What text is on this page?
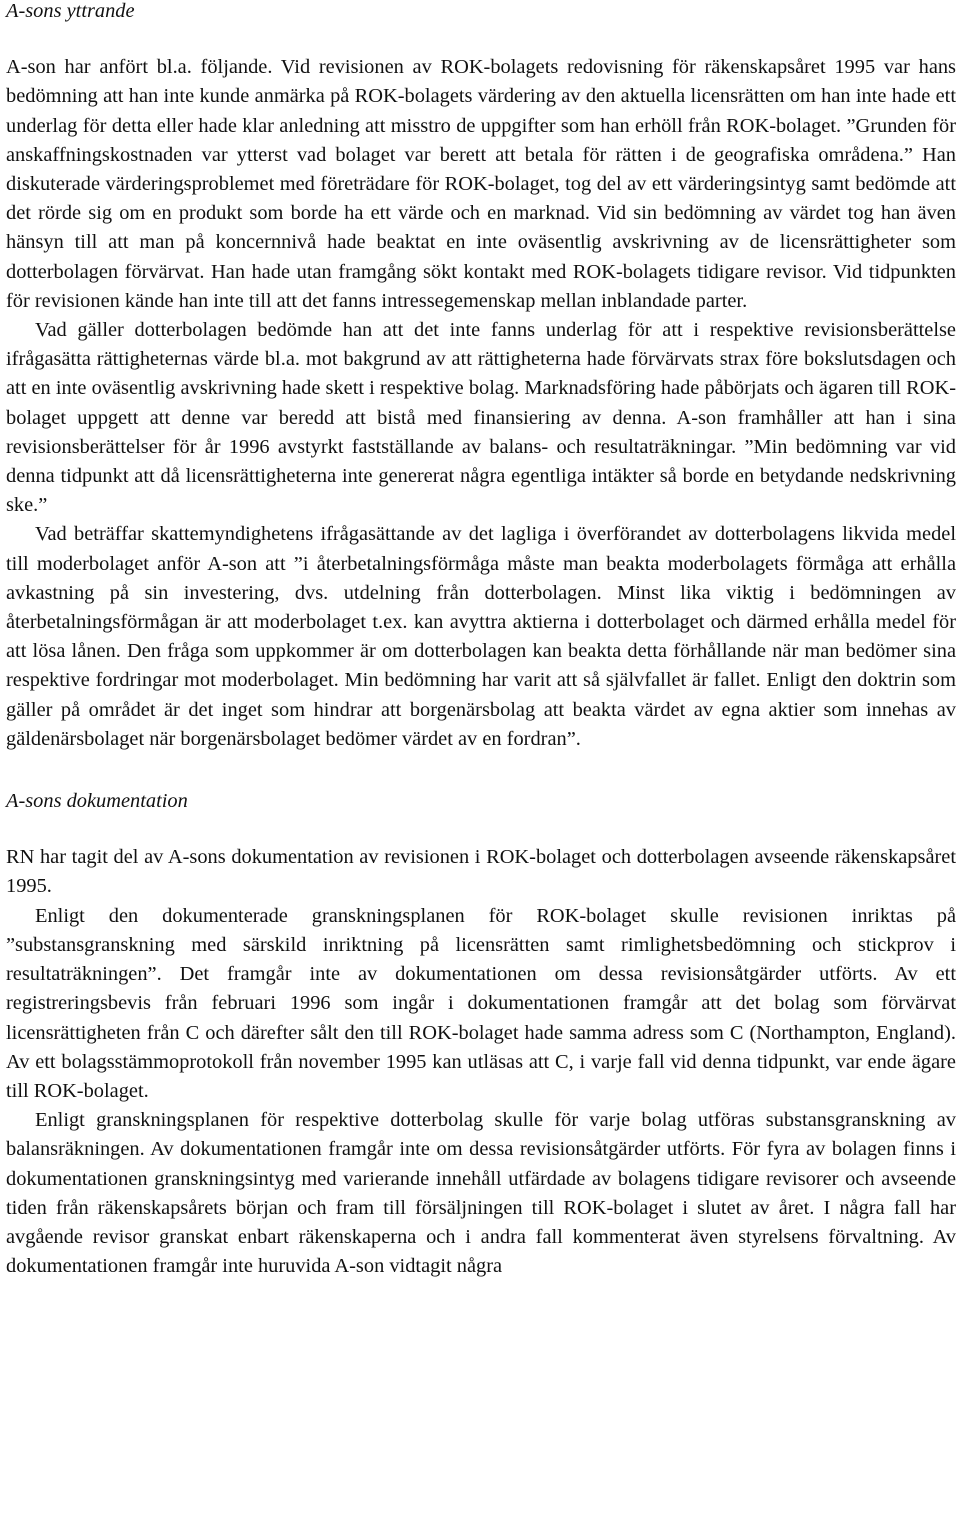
A-sons yttrande

A-son har anfört bl.a. följande. Vid revisionen av ROK-bolagets redovisning för räkenskapsåret 1995 var hans bedömning att han inte kunde anmärka på ROK-bolagets värdering av den aktuella licensrätten om han inte hade ett underlag för detta eller hade klar anledning att misstro de uppgifter som han erhöll från ROK-bolaget. ”Grunden för anskaffningskostnaden var ytterst vad bolaget var berett att betala för rätten i de geografiska områdena.” Han diskuterade värderingsproblemet med företrädare för ROK-bolaget, tog del av ett värderingsintyg samt bedömde att det rörde sig om en produkt som borde ha ett värde och en marknad. Vid sin bedömning av värdet tog han även hänsyn till att man på koncernnivå hade beaktat en inte oväsentlig avskrivning av de licensrättigheter som dotterbolagen förvärvat. Han hade utan framgång sökt kontakt med ROK-bolagets tidigare revisor. Vid tidpunkten för revisionen kände han inte till att det fanns intressegemenskap mellan inblandade parter.

Vad gäller dotterbolagen bedömde han att det inte fanns underlag för att i respektive revisionsberättelse ifrågasätta rättigheternas värde bl.a. mot bakgrund av att rättigheterna hade förvärvats strax före bokslutsdagen och att en inte oväsentlig avskrivning hade skett i respektive bolag. Marknadsföring hade påbörjats och ägaren till ROK-bolaget uppgett att denne var beredd att bistå med finansiering av denna. A-son framhåller att han i sina revisionsberättelser för år 1996 avstyrkt fastställande av balans- och resultaträkningar. ”Min bedömning var vid denna tidpunkt att då licensrättigheterna inte genererat några egentliga intäkter så borde en betydande nedskrivning ske.”

Vad beträffar skattemyndighetens ifrågasättande av det lagliga i överförandet av dotterbolagens likvida medel till moderbolaget anför A-son att ”i återbetalningsförmåga måste man beakta moderbolagets förmåga att erhålla avkastning på sin investering, dvs. utdelning från dotterbolagen. Minst lika viktig i bedömningen av återbetalningsförmågan är att moderbolaget t.ex. kan avyttra aktierna i dotterbolaget och därmed erhålla medel för att lösa lånen. Den fråga som uppkommer är om dotterbolagen kan beakta detta förhållande när man bedömer sina respektive fordringar mot moderbolaget. Min bedömning har varit att så självfallet är fallet. Enligt den doktrin som gäller på området är det inget som hindrar att borgenärsbolag att beakta värdet av egna aktier som innehas av gäldenärsbolaget när borgenärsbolaget bedömer värdet av en fordran”.

A-sons dokumentation

RN har tagit del av A-sons dokumentation av revisionen i ROK-bolaget och dotterbolagen avseende räkenskapsåret 1995.

Enligt den dokumenterade granskningsplanen för ROK-bolaget skulle revisionen inriktas på ”substansgranskning med särskild inriktning på licensrätten samt rimlighetsbedömning och stickprov i resultaträkningen”. Det framgår inte av dokumentationen om dessa revisionsåtgärder utförts. Av ett registreringsbevis från februari 1996 som ingår i dokumentationen framgår att det bolag som förvärvat licensrättigheten från C och därefter sålt den till ROK-bolaget hade samma adress som C (Northampton, England). Av ett bolagsstämmoprotokoll från november 1995 kan utläsas att C, i varje fall vid denna tidpunkt, var ende ägare till ROK-bolaget.

Enligt granskningsplanen för respektive dotterbolag skulle för varje bolag utföras substansgranskning av balansräkningen. Av dokumentationen framgår inte om dessa revisionsåtgärder utförts. För fyra av bolagen finns i dokumentationen granskningsintyg med varierande innehåll utfärdade av bolagens tidigare revisorer och avseende tiden från räkenskapsårets början och fram till försäljningen till ROK-bolaget i slutet av året. I några fall har avgående revisor granskat enbart räkenskaperna och i andra fall kommenterat även styrelsens förvaltning. Av dokumentationen framgår inte huruvida A-son vidtagit några
